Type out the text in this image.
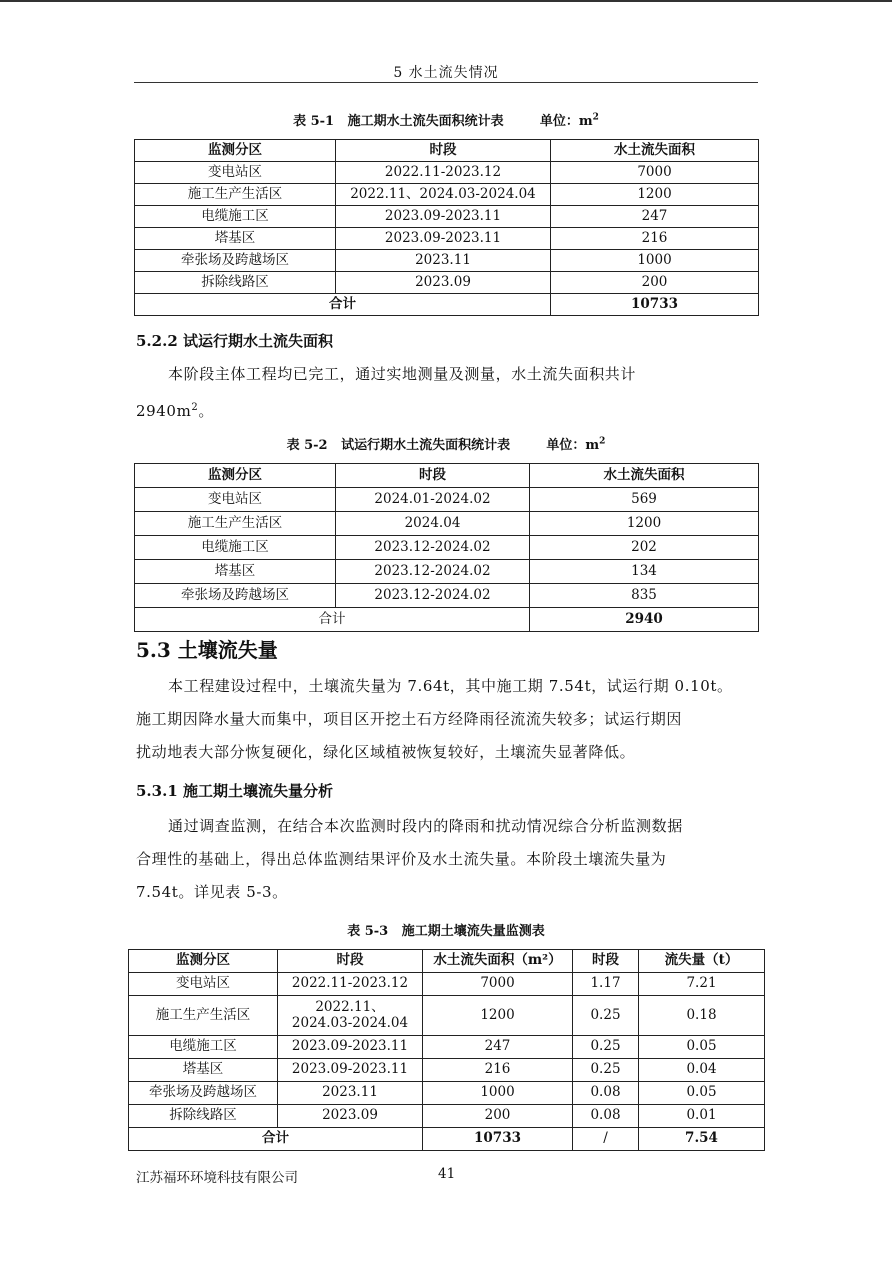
5 水土流失情况
表 5-1   施工期水土流失面积统计表        单位：$m^2$
监测分区	时段	水土流失面积
变电站区	2022.11-2023.12	7000
施工生产生活区	2022.11、2024.03-2024.04	1200
电缆施工区	2023.09-2023.11	247
塔基区	2023.09-2023.11	216
牵张场及跨越场区	2023.11	1000
拆除线路区	2023.09	200
合计		10733
5.2.2 试运行期水土流失面积
本阶段主体工程均已完工，通过实地测量及测量，水土流失面积共计
$2940m^2$。
表 5-2   试运行期水土流失面积统计表        单位：$m^2$
监测分区	时段	水土流失面积
变电站区	2024.01-2024.02	569
施工生产生活区	2024.04	1200
电缆施工区	2023.12-2024.02	202
塔基区	2023.12-2024.02	134
牵张场及跨越场区	2023.12-2024.02	835
合计		2940
5.3 土壤流失量
本工程建设过程中，土壤流失量为 7.64t，其中施工期 7.54t，试运行期 0.10t。
施工期因降水量大而集中，项目区开挖土石方经降雨径流流失较多；试运行期因
扰动地表大部分恢复硬化，绿化区域植被恢复较好，土壤流失显著降低。
5.3.1 施工期土壤流失量分析
通过调查监测，在结合本次监测时段内的降雨和扰动情况综合分析监测数据
合理性的基础上，得出总体监测结果评价及水土流失量。本阶段土壤流失量为
7.54t。详见表 5-3。
表 5-3   施工期土壤流失量监测表
监测分区	时段	水土流失面积（m²）	时段	流失量（t）
变电站区	2022.11-2023.12	7000	1.17	7.21
施工生产生活区	2022.11、
2024.03-2024.04	1200	0.25	0.18
电缆施工区	2023.09-2023.11	247	0.25	0.05
塔基区	2023.09-2023.11	216	0.25	0.04
牵张场及跨越场区	2023.11	1000	0.08	0.05
拆除线路区	2023.09	200	0.08	0.01
合计		10733	/	7.54
江苏福环环境科技有限公司	41
